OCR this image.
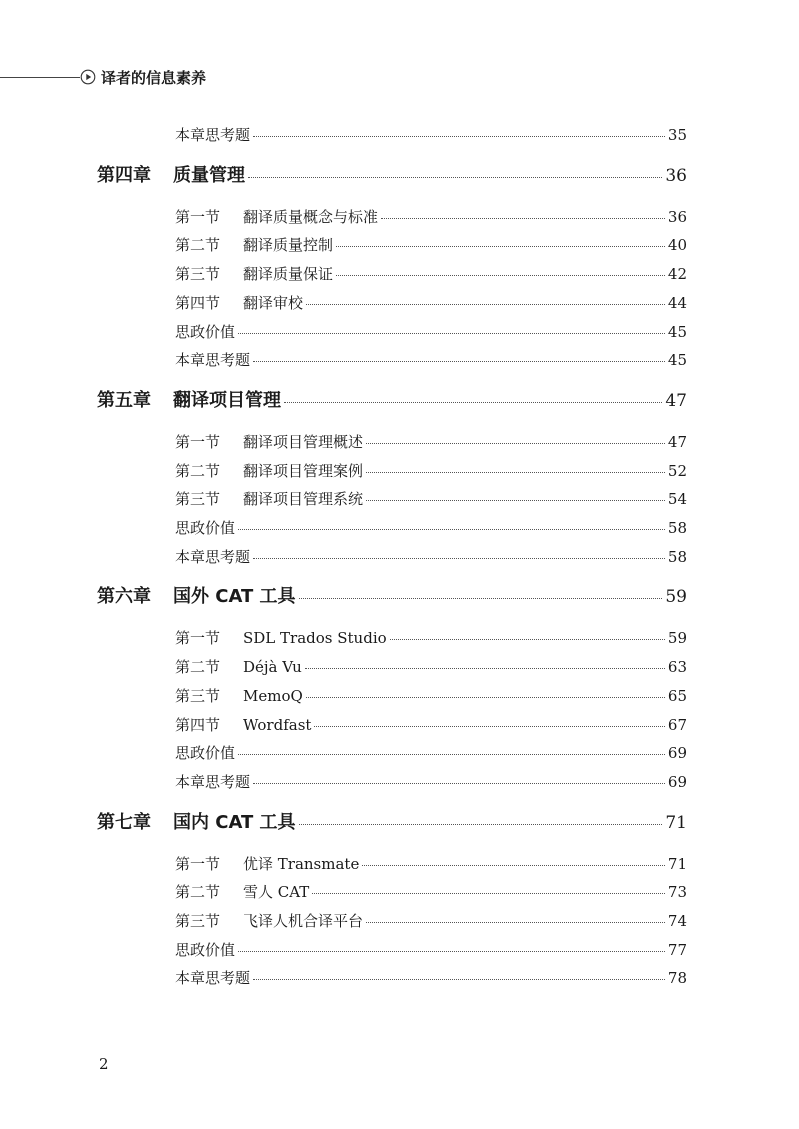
译者的信息素养
本章思考题	35
第四章	质量管理	36
第一节	翻译质量概念与标准	36
第二节	翻译质量控制	40
第三节	翻译质量保证	42
第四节	翻译审校	44
思政价值	45
本章思考题	45
第五章	翻译项目管理	47
第一节	翻译项目管理概述	47
第二节	翻译项目管理案例	52
第三节	翻译项目管理系统	54
思政价值	58
本章思考题	58
第六章	国外 CAT 工具	59
第一节	SDL Trados Studio	59
第二节	Déjà Vu	63
第三节	MemoQ	65
第四节	Wordfast	67
思政价值	69
本章思考题	69
第七章	国内 CAT 工具	71
第一节	优译 Transmate	71
第二节	雪人 CAT	73
第三节	飞译人机合译平台	74
思政价值	77
本章思考题	78
2
